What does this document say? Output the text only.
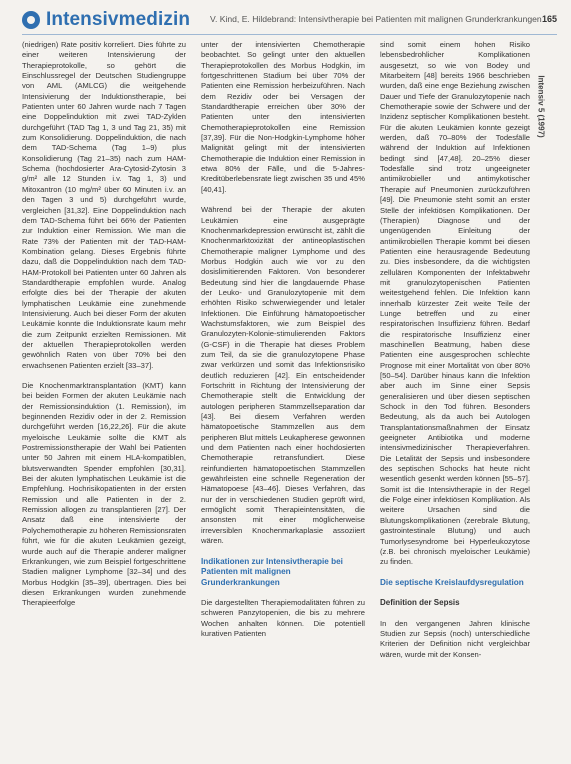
Intensivmedizin V. Kind, E. Hildebrand: Intensivtherapie bei Patienten mit malignen Grunderkrankungen 165
Intensiv 5 (1997)

(niedrigen) Rate positiv korreliert. Dies führte zu einer weiteren Intensivierung der Therapieprotokolle, so gehört die Einschlussregel der Deutschen Studiengruppe von AML (AMLCG) die weitgehende Intensivierung der Induktionstherapie, bei Patienten unter 60 Jahren wurde nach 7 Tagen eine Doppelinduktion mit zwei TAD-Zyklen durchgeführt (TAD Tag 1, 3 und Tag 21, 35) mit zum Konsolidierung. Doppelinduktion, die nach dem TAD-Schema (Tag 1–9) plus Konsolidierung (Tag 21–35) nach zum HAM-Schema (hochdosierter Ara-Cytosid-Zytosin 3 g/m² alle 12 Stunden i.v. Tag 1, 3) und Mitoxantron (10 mg/m² über 60 Minuten i.v. an den Tagen 3 und 5) durchgeführt wurde, vergleichen [31,32]. Eine Doppelinduktion nach dem TAD-Schema führt bei 66% der Patienten zur Induktion einer Remission. Wie man die Rate 73% der Patienten mit der TAD-HAM-Kombination gelang. Dieses Ergebnis führte dazu, daß die Doppelinduktion nach dem TAD-HAM-Protokoll bei Patienten unter 60 Jahren als Standardtherapie empfohlen wurde. Analog erfolgte dies bei der Therapie der akuten lymphatischen Leukämie eine zunehmende Intensivierung. Auch bei dieser Form der akuten Leukämie konnte die Induktionsrate kaum mehr die zum Zeitpunkt erzielten Remissionen. Mit der aktuellen Therapieprotokollen werden gewöhnlich Raten von über 70% bei den erwachsenen Patienten erzielt [33–37].

Die Knochenmarktransplantation (KMT) kann bei beiden Formen der akuten Leukämie nach der Remissionsinduktion (1. Remission), im beginnenden Rezidiv oder in der 2. Remission durchgeführt werden [16,22,26]. Für die akute myeloische Leukämie sollte die KMT als Postremissionstherapie der Wahl bei Patienten unter 50 Jahren mit einem HLA-kompatiblen, blutsverwandten Spender empfohlen [30,31]. Bei der akuten lymphatischen Leukämie ist die Empfehlung. Hochrisikopatienten in der ersten Remission und alle Patienten in der 2. Remission allogen zu transplantieren [27]. Der Ansatz daß eine intensivierte der Polychemotherapie zu höheren Remissionsraten führt, wie für die akuten Leukämien gezeigt, wurde auch auf die Therapie anderer maligner Erkrankungen, wie zum Beispiel fortgeschrittene Stadien maligner Lymphome [32–34] und des Morbus Hodgkin [35–39], übertragen. Dies bei diesen Erkrankungen wurden zunehmende Therapieerfolge

unter der intensivierten Chemotherapie beobachtet. So gelingt unter den aktuellen Therapieprotokollen des Morbus Hodgkin, im fortgeschrittenen Stadium bei über 70% der Patienten eine Remission herbeizuführen. Nach dem Rezidiv oder bei Versagen der Standardtherapie erreichen über 30% der Patienten unter den intensivierten Chemotherapieprotokollen eine Remission [37,39]. Für die Non-Hodgkin-Lymphome höher Malignität gelingt mit der intensivierten Chemotherapie die Induktion einer Remission in etwa 80% der Fälle, und die 5-Jahres-Kreditüberlebensrate liegt zwischen 35 und 45% [40,41].

Während bei der Therapie der akuten Leukämien eine ausgeprägte Knochenmarkdepression erwünscht ist, zählt die Knochenmarktoxizität der antineoplastischen Chemotherapie maligner Lymphome und des Morbus Hodgkin auch wie vor zu den dosislimitierenden Faktoren. Von besonderer Bedeutung sind hier die langdauernde Phase der Leuko- und Granulozytopenie mit dem erhöhten Risiko schwerwiegender und letaler Infektionen. Die Einführung hämatopoetischer Wachstumsfaktoren, wie zum Beispiel des Granulozyten-Kolonie-stimulierenden Faktors (G-CSF) in die Therapie hat dieses Problem zum Teil, da sie die granulozytopene Phase zwar verkürzen und somit das Infektionsrisiko deutlich reduzieren [42]. Ein entscheidender Fortschritt in Richtung der Intensivierung der Chemotherapie stellt die Entwicklung der autologen peripheren Stammzellseparation dar [43]. Bei diesem Verfahren werden hämatopoetische Stammzellen aus dem peripheren Blut mittels Leukapherese gewonnen und dem Patienten nach einer hochdosierten Chemotherapie retransfundiert. Diese reinfundierten hämatopoetischen Stammzellen gewährleisten eine schnelle Regeneration der Hämatopoese [43–46]. Dieses Verfahren, das nur der in verschiedenen Studien geprüft wird, ermöglicht somit Therapieintensitäten, die ansonsten mit einer möglicherweise irreversiblen Knochenmarkaplasie assoziiert wären.

Indikationen zur Intensivtherapie bei Patienten mit malignen Grunderkrankungen

Die dargestellten Therapiemodalitäten führen zu schweren Panzytopenien, die bis zu mehrere Wochen anhalten können. Die potentiell kurativen Patienten

sind somit einem hohen Risiko lebensbedrohlicher Komplikationen ausgesetzt, so wie von Bodey und Mitarbeitern [48] bereits 1966 beschrieben wurden, daß eine enge Beziehung zwischen Dauer und Tiefe der Granulozytopenie nach Chemotherapie sowie der Schwere und der Inzidenz septischer Komplikationen besteht. Für die akuten Leukämien konnte gezeigt werden, daß 70–80% der Todesfälle während der Induktion auf Infektionen bedingt sind [47,48]. 20–25% dieser Todesfälle sind trotz ungeeigneter antimikrobieller und antimykotischer Therapie auf Pneumonien zurückzuführen [49]. Die Pneumonie steht somit an erster Stelle der infektiösen Komplikationen. Der (Therapien) Diagnose und der ungenügenden Einleitung der antimikrobiellen Therapie kommt bei diesen Patienten eine herausragende Bedeutung zu. Dies insbesondere, da die wichtigsten zellulären Komponenten der Infektabwehr mit granulozytopenischen Patienten weitestgehend fehlen. Die Infektion kann innerhalb kürzester Zeit weite Teile der Lunge betreffen und zu einer respiratorischen Insuffizienz führen. Bedarf die respiratorische Insuffizienz einer maschinellen Beatmung, haben diese Patienten eine ausgesprochen schlechte Prognose mit einer Mortalität von über 80% [50–54]. Darüber hinaus kann die Infektion aber auch im Sinne einer Sepsis generalisieren und über diesen septischen Schock in den Tod führen. Besonders Bedeutung, als da auch bei Autologen Transplantationsmaßnahmen der Einsatz geeigneter Antibiotika und moderne intensivmedizinischer Therapieverfahren. Die Letalität der Sepsis und insbesondere des septischen Schocks hat heute nicht wesentlich gesenkt werden können [55–57]. Somit ist die Intensivtherapie in der Regel die Folge einer infektiösen Komplikation. Als weitere Ursachen sind die Blutungskomplikationen (zerebrale Blutung, gastrointestinale Blutung) und auch Tumorlysesyndrome bei Hyperleukozytose (z.B. bei chronisch myeloischer Leukämie) zu finden.

Die septische Kreislaufdysregulation

Definition der Sepsis

In den vergangenen Jahren klinische Studien zur Sepsis (noch) unterschiedliche Kriterien der Definition nicht vergleichbar wären, wurde mit der Konsen-
